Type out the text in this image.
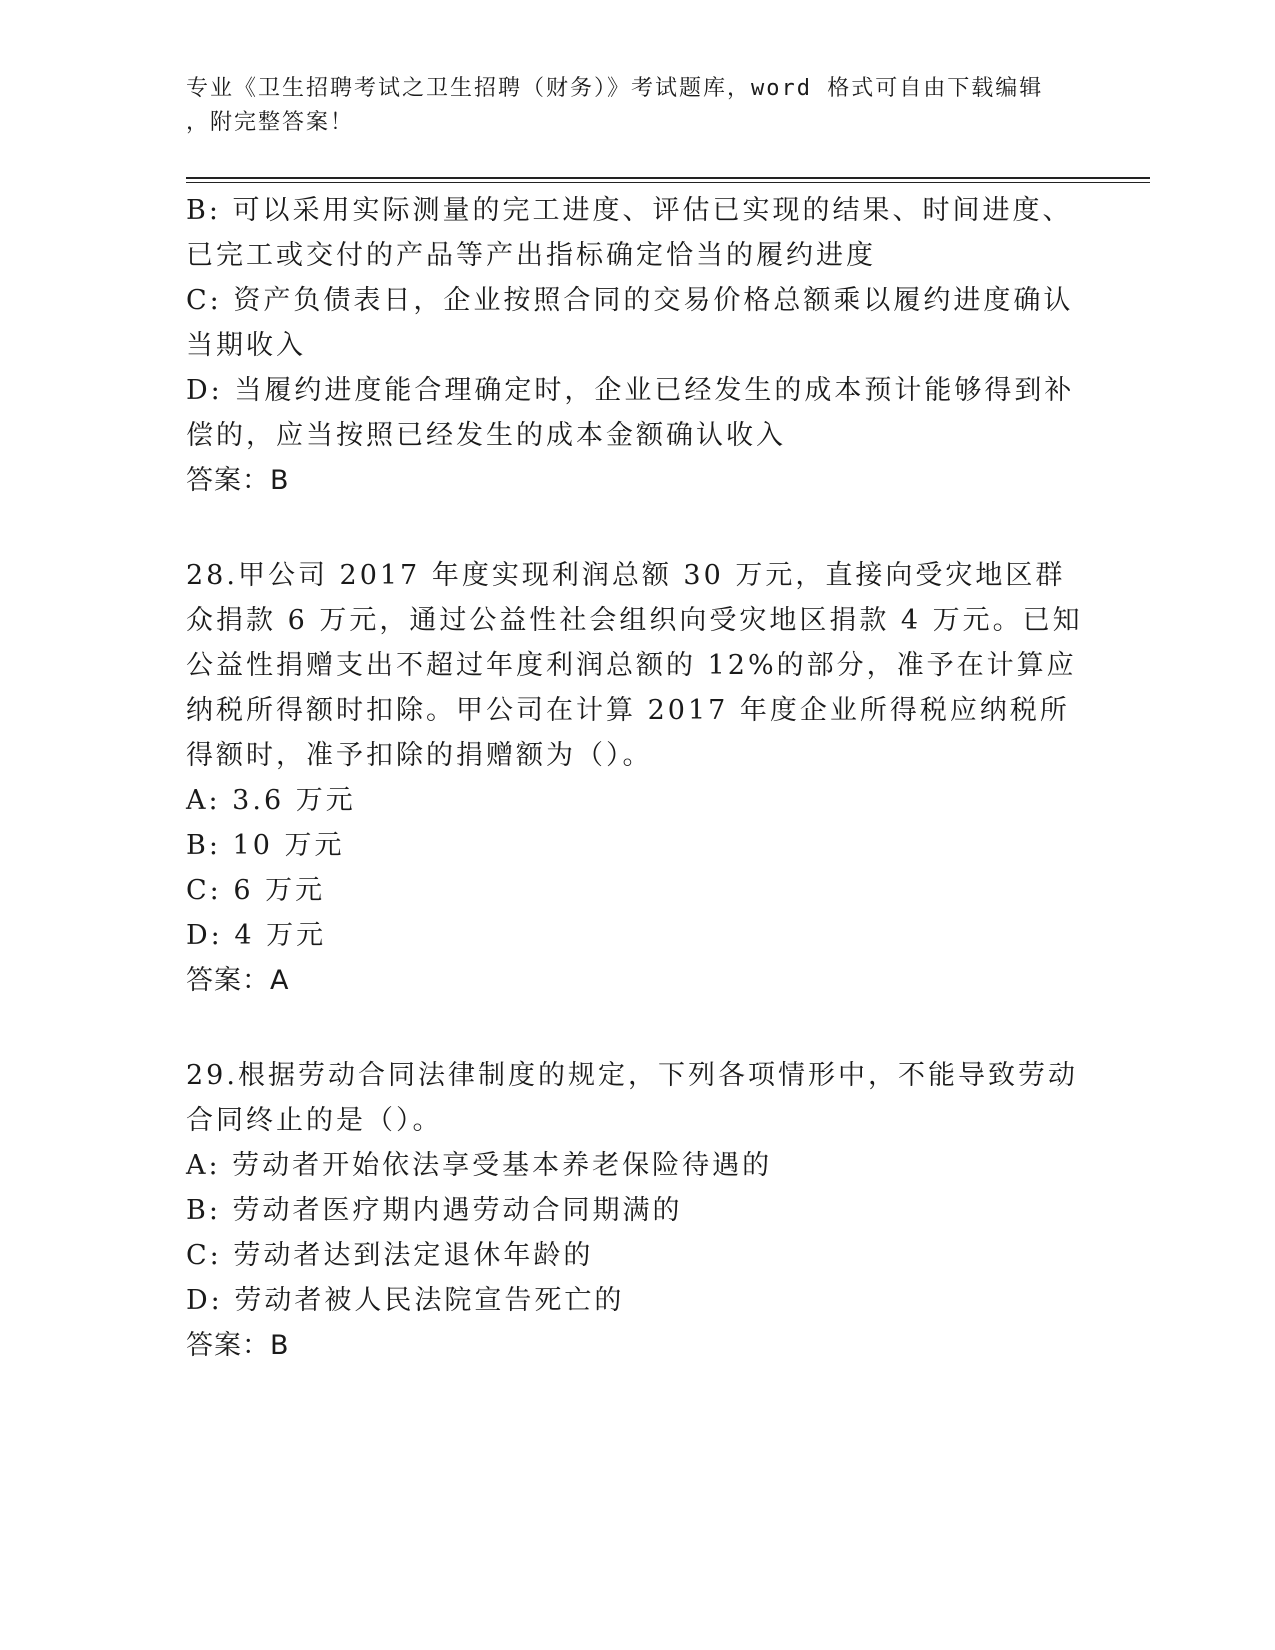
专业《卫生招聘考试之卫生招聘（财务）》考试题库，word 格式可自由下载编辑
，附完整答案！
B: 可以采用实际测量的完工进度、评估已实现的结果、时间进度、已完工或交付的产品等产出指标确定恰当的履约进度
C: 资产负债表日，企业按照合同的交易价格总额乘以履约进度确认当期收入
D: 当履约进度能合理确定时，企业已经发生的成本预计能够得到补偿的，应当按照已经发生的成本金额确认收入
答案：B
28.甲公司 2017 年度实现利润总额 30 万元，直接向受灾地区群众捐款 6 万元，通过公益性社会组织向受灾地区捐款 4 万元。已知公益性捐赠支出不超过年度利润总额的 12%的部分，准予在计算应纳税所得额时扣除。甲公司在计算 2017 年度企业所得税应纳税所得额时，准予扣除的捐赠额为（）。
A: 3.6 万元
B: 10 万元
C: 6 万元
D: 4 万元
答案：A
29.根据劳动合同法律制度的规定，下列各项情形中，不能导致劳动合同终止的是（）。
A: 劳动者开始依法享受基本养老保险待遇的
B: 劳动者医疗期内遇劳动合同期满的
C: 劳动者达到法定退休年龄的
D: 劳动者被人民法院宣告死亡的
答案：B
